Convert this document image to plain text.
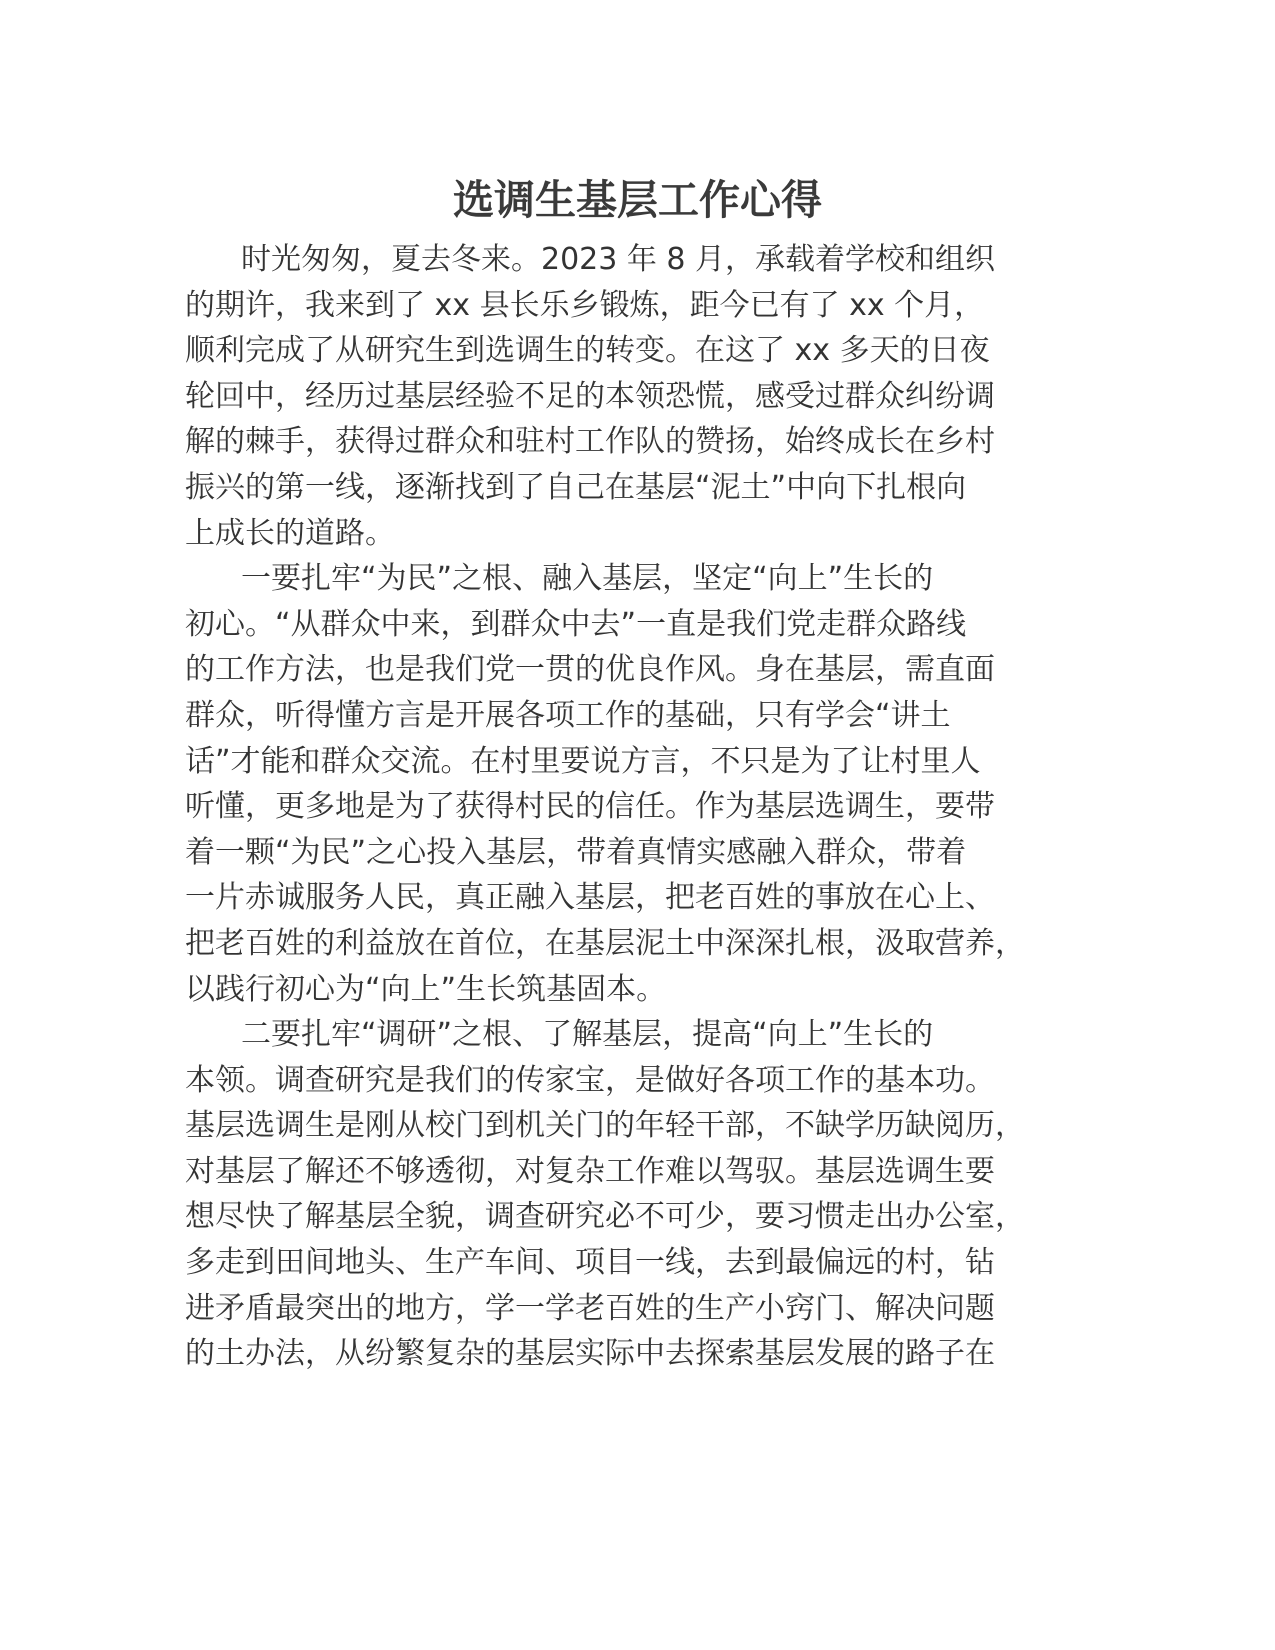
选调生基层工作心得
时光匆匆，夏去冬来。2023 年 8 月，承载着学校和组织
的期许，我来到了 xx 县长乐乡锻炼，距今已有了 xx 个月，
顺利完成了从研究生到选调生的转变。在这了 xx 多天的日夜
轮回中，经历过基层经验不足的本领恐慌，感受过群众纠纷调
解的棘手，获得过群众和驻村工作队的赞扬，始终成长在乡村
振兴的第一线，逐渐找到了自己在基层“泥土”中向下扎根向
上成长的道路。
一要扎牢“为民”之根、融入基层，坚定“向上”生长的
初心。“从群众中来，到群众中去”一直是我们党走群众路线
的工作方法，也是我们党一贯的优良作风。身在基层，需直面
群众，听得懂方言是开展各项工作的基础，只有学会“讲土
话”才能和群众交流。在村里要说方言，不只是为了让村里人
听懂，更多地是为了获得村民的信任。作为基层选调生，要带
着一颗“为民”之心投入基层，带着真情实感融入群众，带着
一片赤诚服务人民，真正融入基层，把老百姓的事放在心上、
把老百姓的利益放在首位，在基层泥土中深深扎根，汲取营养，
以践行初心为“向上”生长筑基固本。
二要扎牢“调研”之根、了解基层，提高“向上”生长的
本领。调查研究是我们的传家宝，是做好各项工作的基本功。
基层选调生是刚从校门到机关门的年轻干部，不缺学历缺阅历，
对基层了解还不够透彻，对复杂工作难以驾驭。基层选调生要
想尽快了解基层全貌，调查研究必不可少，要习惯走出办公室，
多走到田间地头、生产车间、项目一线，去到最偏远的村，钻
进矛盾最突出的地方，学一学老百姓的生产小窍门、解决问题
的土办法，从纷繁复杂的基层实际中去探索基层发展的路子在
